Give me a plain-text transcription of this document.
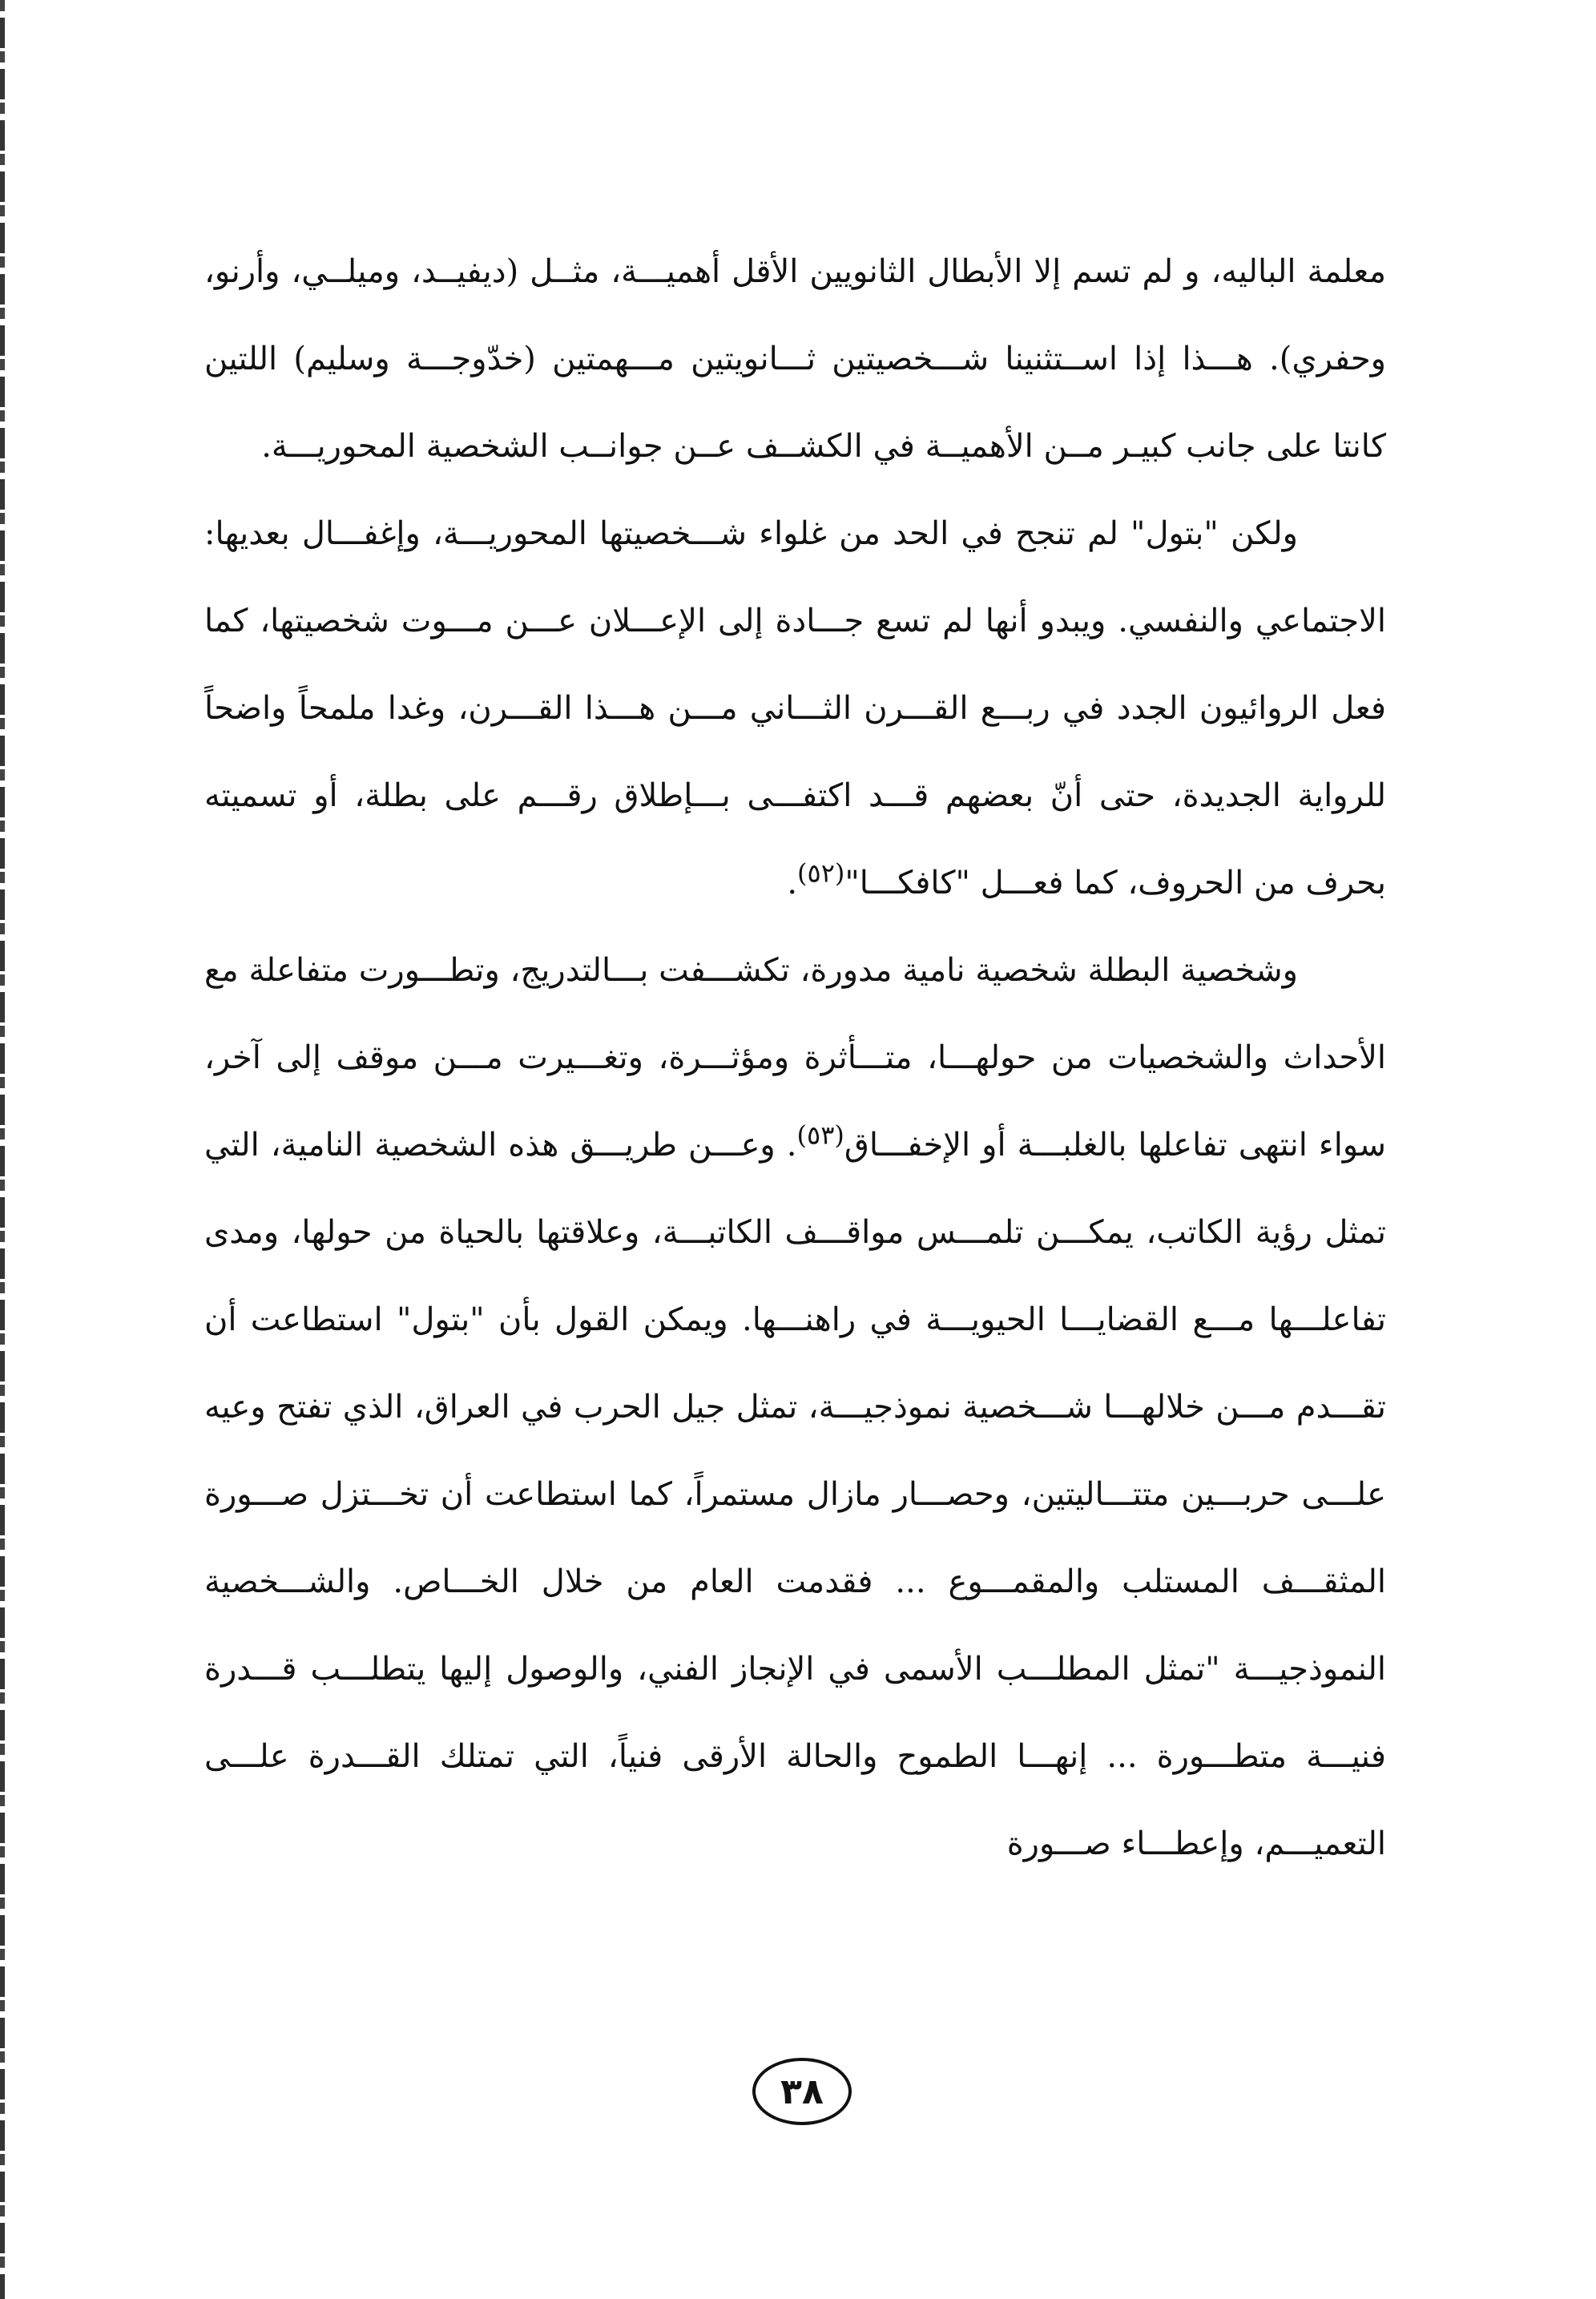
معلمة الباليه، و لم تسم إلا الأبطال الثانويين الأقل أهميـــة، مثــل (ديفيــد، وميلــي، وأرنو، وحفري). هـــذا إذا اســتثنينا شـــخصيتين ثـــانويتين مـــهمتين (خدّوجـــة وسليم) اللتين كانتا على جانب كبيـر مــن الأهميــة في الكشــف عــن جوانــب الشخصية المحوريـــة.

ولكن "بتول" لم تنجح في الحد من غلواء شـــخصيتها المحوريـــة، وإغفـــال بعديها: الاجتماعي والنفسي. ويبدو أنها لم تسع جـــادة إلى الإعـــلان عـــن مـــوت شخصيتها، كما فعل الروائيون الجدد في ربـــع القـــرن الثـــاني مـــن هـــذا القـــرن، وغدا ملمحاً واضحاً للرواية الجديدة، حتى أنّ بعضهم قـــد اكتفـــى بـــإطلاق رقـــم على بطلة، أو تسميته بحرف من الحروف، كما فعـــل "كافكـــا"$^{(٥٢)}$.

وشخصية البطلة شخصية نامية مدورة، تكشـــفت بـــالتدريج، وتطـــورت متفاعلة مع الأحداث والشخصيات من حولهـــا، متـــأثرة ومؤثـــرة، وتغـــيرت مـــن موقف إلى آخر، سواء انتهى تفاعلها بالغلبـــة أو الإخفـــاق$^{(٥٣)}$. وعـــن طريـــق هذه الشخصية النامية، التي تمثل رؤية الكاتب، يمكـــن تلمـــس مواقـــف الكاتبـــة، وعلاقتها بالحياة من حولها، ومدى تفاعلـــها مـــع القضايـــا الحيويـــة في راهنـــها. ويمكن القول بأن "بتول" استطاعت أن تقـــدم مـــن خلالهـــا شـــخصية نموذجيـــة، تمثل جيل الحرب في العراق، الذي تفتح وعيه علـــى حربـــين متتـــاليتين، وحصـــار مازال مستمراً، كما استطاعت أن تخـــتزل صـــورة المثقـــف المستلب والمقمـــوع ... فقدمت العام من خلال الخـــاص. والشـــخصية النموذجيـــة "تمثل المطلـــب الأسمى في الإنجاز الفني، والوصول إليها يتطلـــب قـــدرة فنيـــة متطـــورة ... إنهـــا الطموح والحالة الأرقى فنياً، التي تمتلك القـــدرة علـــى التعميـــم، وإعطـــاء صـــورة

٣٨
